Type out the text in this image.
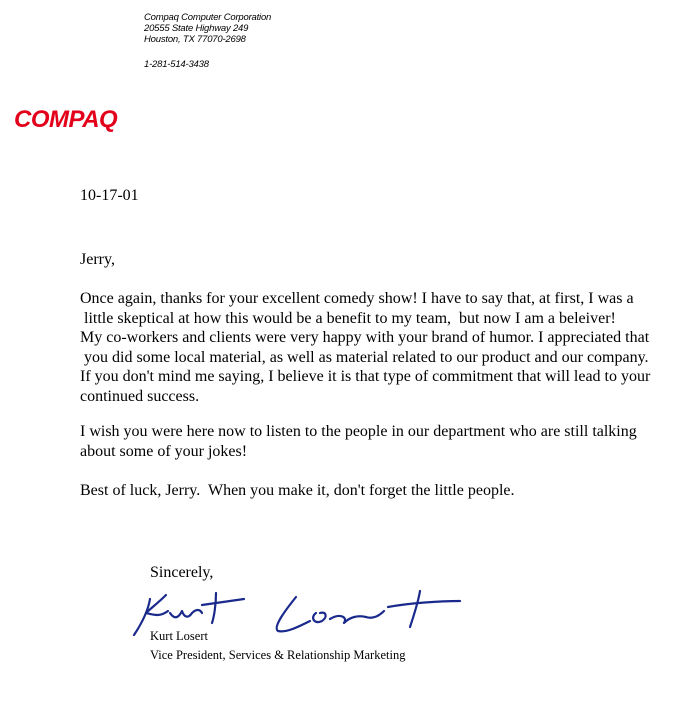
Compaq Computer Corporation
20555 State Highway 249
Houston, TX 77070-2698
1-281-514-3438
COMPAQ
10-17-01
Jerry,
Once again, thanks for your excellent comedy show! I have to say that, at first, I was a
little skeptical at how this would be a benefit to my team,  but now I am a beleiver!
My co-workers and clients were very happy with your brand of humor. I appreciated that
you did some local material, as well as material related to our product and our company.
If you don't mind me saying, I believe it is that type of commitment that will lead to your
continued success.
I wish you were here now to listen to the people in our department who are still talking
about some of your jokes!
Best of luck, Jerry.  When you make it, don't forget the little people.
Sincerely,
Kurt Losert
Vice President, Services & Relationship Marketing
